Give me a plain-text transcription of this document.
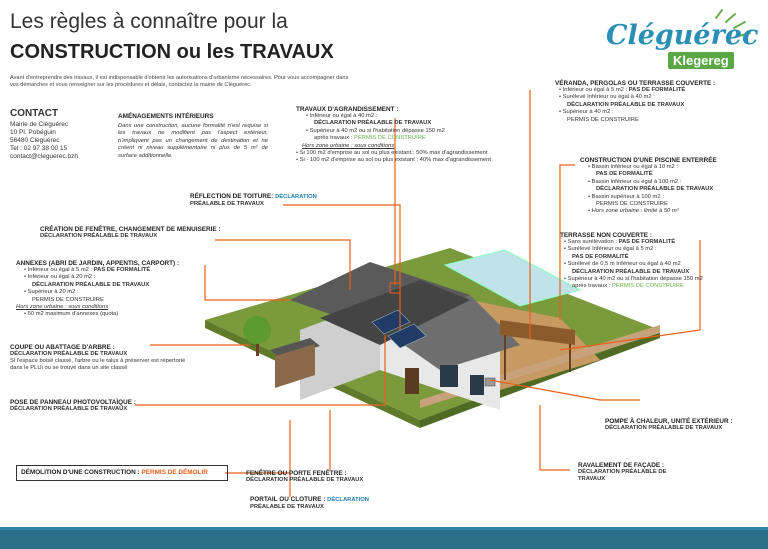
Les règles à connaître pour la
CONSTRUCTION ou les TRAVAUX
Avant d'entreprendre des travaux, il est indispensable d'obtenir les autorisations d'urbanisme nécessaires. Pour vous accompagner dans vos démarches et vous renseigner sur les procédures et délais, contactez la mairie de Cléguérec.
Cléguérec
Klegereg
CONTACT
Mairie de Cléguérec
10 Pl. Pobéguin
56480 Cléguérec
Tel : 02 97 38 00 15
contact@cleguerec.bzh
AMÉNAGEMENTS INTÉRIEURS
Dans une construction, aucune formalité n'est requise si les travaux ne modifient pas l'aspect extérieur, n'impliquent pas un changement de destination et ne créent ni niveau supplémentaire ni plus de 5 m² de surface additionnelle.
TRAVAUX D'AGRANDISSEMENT :
• Inférieur ou égal à 40 m2 :
DÉCLARATION PRÉALABLE DE TRAVAUX
• Supérieur à 40 m2 ou si l'habitation dépasse 150 m2
après travaux : PERMIS DE CONSTRUIRE
Hors zone urbaine : sous conditions
• Si 100 m2 d'emprise au sol ou plus existant : 50% max d'agrandissement
• Si - 100 m2 d'emprise au sol ou plus existant : 40% max d'agrandissement
VÉRANDA, PERGOLAS OU TERRASSE COUVERTE :
• Inférieur ou égal à 5 m2 : PAS DE FORMALITÉ
• Surélevé Inférieur ou égal à 40 m2 :
DÉCLARATION PRÉALABLE DE TRAVAUX
• Supérieur à 40 m2 :
PERMIS DE CONSTRUIRE
CONSTRUCTION D'UNE PISCINE ENTERRÉE
• Bassin inférieur ou égal à 10 m2 :
PAS DE FORMALITÉ
• Bassin inférieur ou égal à 100 m2 :
DÉCLARATION PRÉALABLE DE TRAVAUX
• Bassin supérieur à 100 m2 :
PERMIS DE CONSTRUIRE
• Hors zone urbaine : limité à 50 m²
TERRASSE NON COUVERTE :
• Sans surélévation : PAS DE FORMALITÉ
• Surélevé Inférieur ou égal à 5 m2 :
PAS DE FORMALITÉ
• Surélevé de 0,5 m Inférieur ou égal à 40 m2
DÉCLARATION PRÉALABLE DE TRAVAUX
• Supérieur à 40 m2 ou si l'habitation dépasse 150 m2
après travaux : PERMIS DE CONSTRUIRE
RÉFLECTION DE TOITURE: DÉCLARATION
PRÉALABLE DE TRAVAUX
CRÉATION DE FENÊTRE, CHANGEMENT DE MENUISERIE :
DÉCLARATION PRÉALABLE DE TRAVAUX
ANNEXES (ABRI DE JARDIN, APPENTIS, CARPORT) :
• Inférieur ou égal à 5 m2 : PAS DE FORMALITÉ
• Inférieur ou égal à 20 m2 :
DÉCLARATION PRÉALABLE DE TRAVAUX
• Supérieur à 20 m2 :
PERMIS DE CONSTRUIRE
Hors zone urbaine : sous conditions
• 50 m2 maximum d'annexes (quota)
COUPE OU ABATTAGE D'ARBRE :
DÉCLARATION PRÉALABLE DE TRAVAUX
Si l'espace boisé classé, l'arbre ou le talus à préserver est répertorié dans le PLUi ou se trouve dans un site classé
POSE DE PANNEAU PHOTOVOLTAÏQUE :
DÉCLARATION PRÉALABLE DE TRAVAUX
POMPE À CHALEUR, UNITÉ EXTÉRIEUR :
DÉCLARATION PRÉALABLE DE TRAVAUX
DÉMOLITION D'UNE CONSTRUCTION : PERMIS DE DÉMOLIR	FENÊTRE OU PORTE FENÊTRE :
DÉCLARATION PRÉALABLE DE TRAVAUX
PORTAIL OU CLOTURE : DÉCLARATION
PRÉALABLE DE TRAVAUX
RAVALEMENT DE FAÇADE :
DÉCLARATION PRÉALABLE DE
TRAVAUX
